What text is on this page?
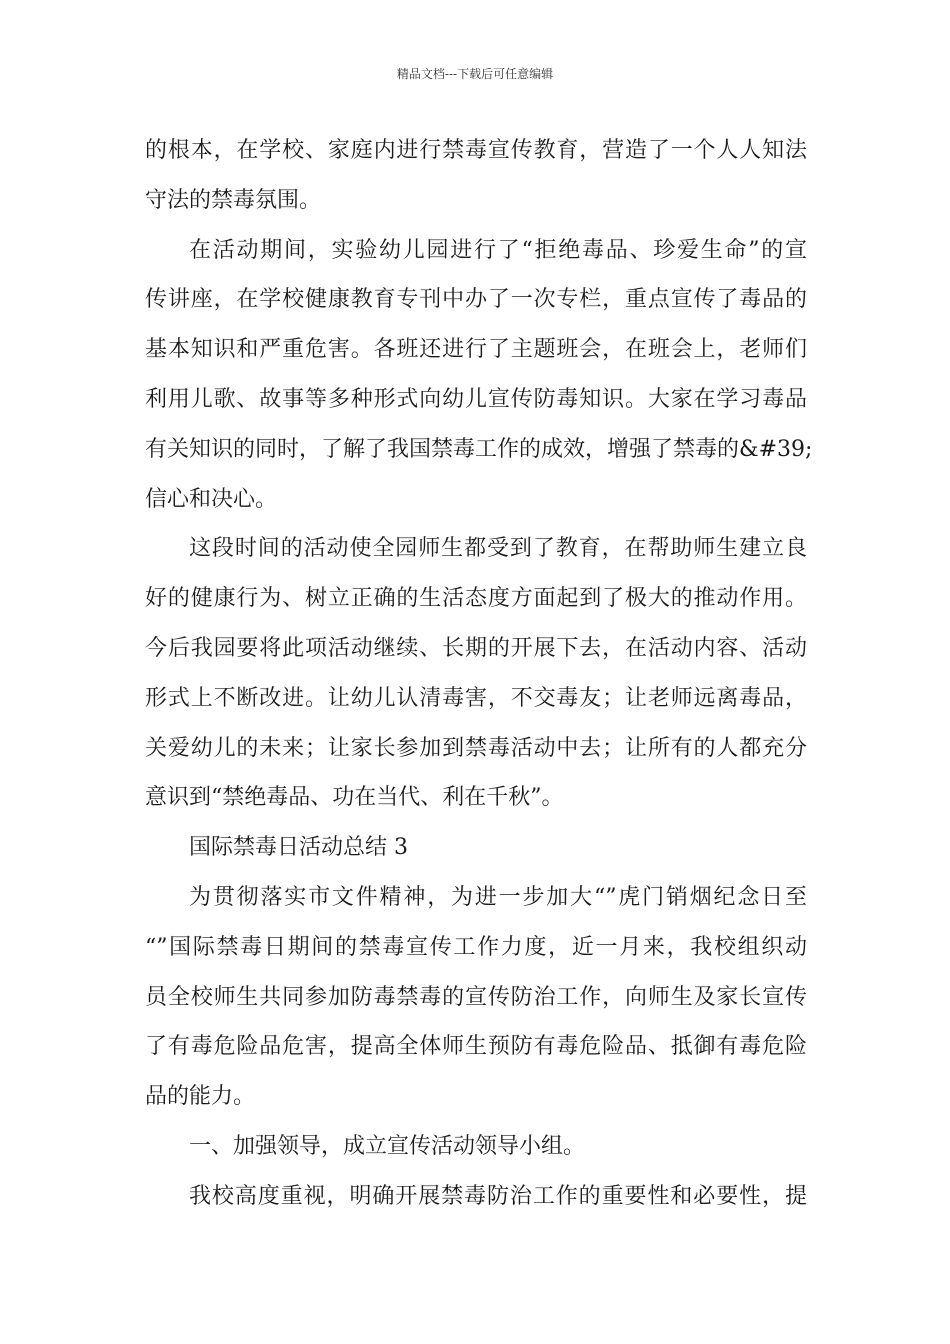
精品文档---下载后可任意编辑
的根本，在学校、家庭内进行禁毒宣传教育，营造了一个人人知法
守法的禁毒氛围。
在活动期间，实验幼儿园进行了“拒绝毒品、珍爱生命”的宣
传讲座，在学校健康教育专刊中办了一次专栏，重点宣传了毒品的
基本知识和严重危害。各班还进行了主题班会，在班会上，老师们
利用儿歌、故事等多种形式向幼儿宣传防毒知识。大家在学习毒品
有关知识的同时，了解了我国禁毒工作的成效，增强了禁毒的&#39;
信心和决心。
这段时间的活动使全园师生都受到了教育，在帮助师生建立良
好的健康行为、树立正确的生活态度方面起到了极大的推动作用。
今后我园要将此项活动继续、长期的开展下去，在活动内容、活动
形式上不断改进。让幼儿认清毒害，不交毒友；让老师远离毒品，
关爱幼儿的未来；让家长参加到禁毒活动中去；让所有的人都充分
意识到“禁绝毒品、功在当代、利在千秋”。
国际禁毒日活动总结 3
为贯彻落实市文件精神，为进一步加大“”虎门销烟纪念日至
“”国际禁毒日期间的禁毒宣传工作力度，近一月来，我校组织动
员全校师生共同参加防毒禁毒的宣传防治工作，向师生及家长宣传
了有毒危险品危害，提高全体师生预防有毒危险品、抵御有毒危险
品的能力。
一、加强领导，成立宣传活动领导小组。
我校高度重视，明确开展禁毒防治工作的重要性和必要性，提
